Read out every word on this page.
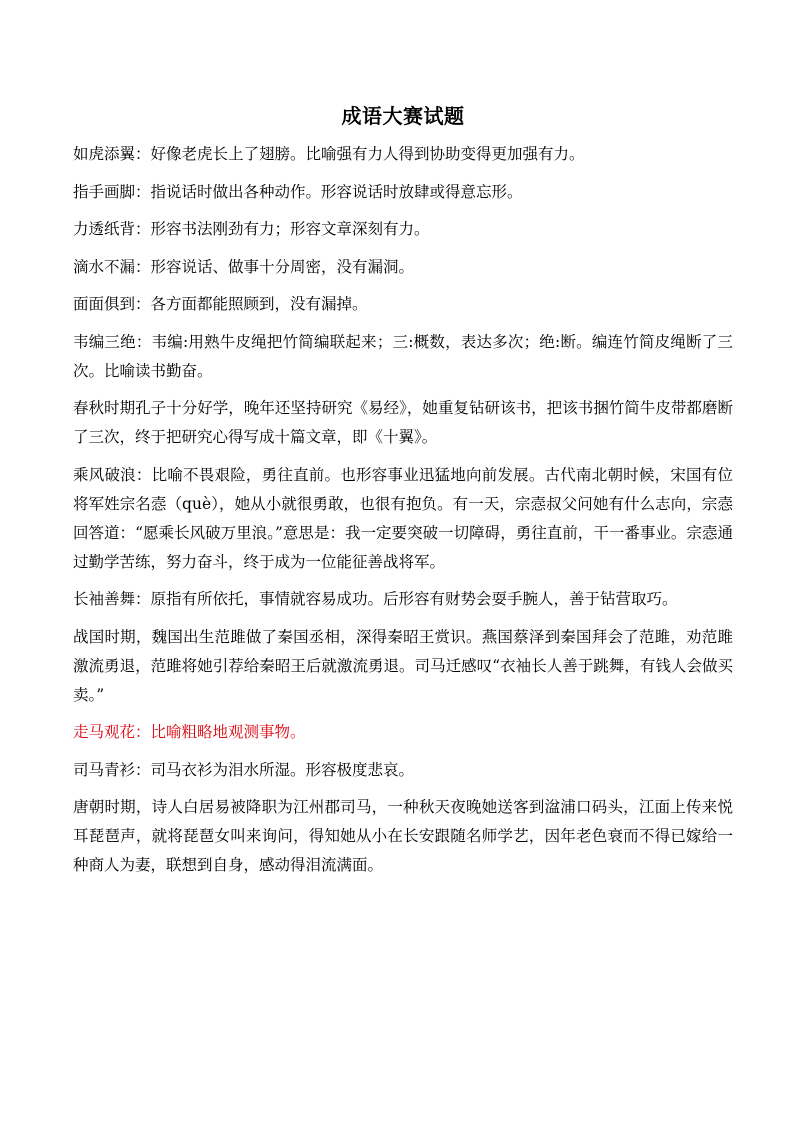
成语大赛试题

如虎添翼：好像老虎长上了翅膀。比喻强有力人得到协助变得更加强有力。

指手画脚：指说话时做出各种动作。形容说话时放肆或得意忘形。

力透纸背：形容书法刚劲有力；形容文章深刻有力。

滴水不漏：形容说话、做事十分周密，没有漏洞。

面面俱到：各方面都能照顾到，没有漏掉。

韦编三绝：韦编:用熟牛皮绳把竹简编联起来；三:概数，表达多次；绝:断。编连竹简皮绳断了三次。比喻读书勤奋。

春秋时期孔子十分好学，晚年还坚持研究《易经》，她重复钻研该书，把该书捆竹简牛皮带都磨断了三次，终于把研究心得写成十篇文章，即《十翼》。

乘风破浪：比喻不畏艰险，勇往直前。也形容事业迅猛地向前发展。古代南北朝时候，宋国有位将军姓宗名悫（què），她从小就很勇敢，也很有抱负。有一天，宗悫叔父问她有什么志向，宗悫回答道：“愿乘长风破万里浪。”意思是：我一定要突破一切障碍，勇往直前，干一番事业。宗悫通过勤学苦练，努力奋斗，终于成为一位能征善战将军。

长袖善舞：原指有所依托，事情就容易成功。后形容有财势会耍手腕人，善于钻营取巧。

战国时期，魏国出生范雎做了秦国丞相，深得秦昭王赏识。燕国蔡泽到秦国拜会了范雎，劝范雎激流勇退，范雎将她引荐给秦昭王后就激流勇退。司马迁感叹“衣袖长人善于跳舞，有钱人会做买卖。”

走马观花：比喻粗略地观测事物。

司马青衫：司马衣衫为泪水所湿。形容极度悲哀。

唐朝时期，诗人白居易被降职为江州郡司马，一种秋天夜晚她送客到湓浦口码头，江面上传来悦耳琵琶声，就将琵琶女叫来询问，得知她从小在长安跟随名师学艺，因年老色衰而不得已嫁给一种商人为妻，联想到自身，感动得泪流满面。
